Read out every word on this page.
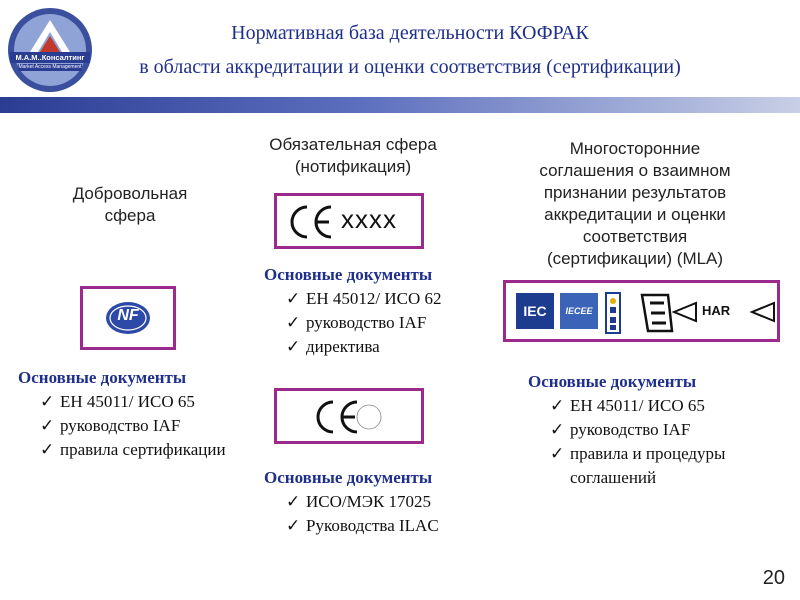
М.А.М..Консалтинг
Market Access Management
Нормативная база деятельности КОФРАК
в области аккредитации и оценки соответствия (сертификации)
Добровольная
сфера
NF
Основные документы
✓ ЕН 45011/ ИСО 65
✓ руководство IAF
✓ правила сертификации
Обязательная сфера
(нотификация)
xxxx
Основные документы
✓ ЕН 45012/ ИСО 62
✓ руководство IAF
✓ директива
Основные документы
✓ ИСО/МЭК 17025
✓ Руководства ILAC
Многосторонние
соглашения о взаимном
признании результатов
аккредитации и оценки
соответствия
(сертификации) (MLA)
IEC	IECEE	HAR
Основные документы
✓ ЕН 45011/ ИСО 65
✓ руководство IAF
✓ правила и процедуры
соглашений
20
